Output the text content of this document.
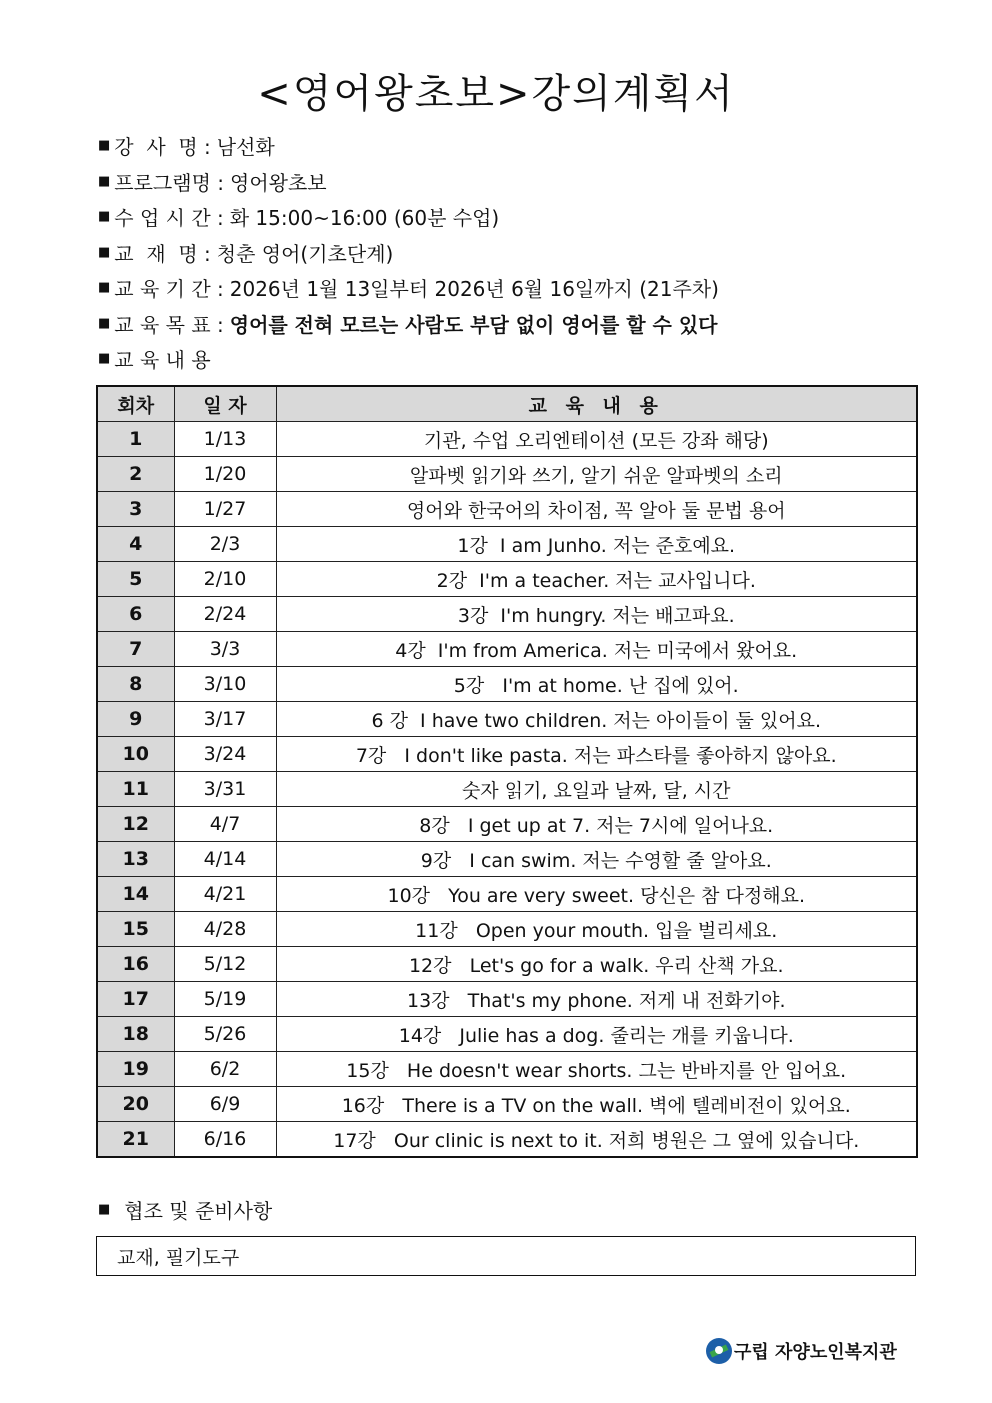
<영어왕초보>강의계획서
■ 강  사  명 : 남선화
■ 프로그램명 : 영어왕초보
■ 수 업 시 간 : 화 15:00~16:00 (60분 수업)
■ 교  재  명 : 청춘 영어(기초단계)
■ 교 육 기 간 : 2026년 1월 13일부터 2026년 6월 16일까지 (21주차)
■ 교 육 목 표 : 영어를 전혀 모르는 사람도 부담 없이 영어를 할 수 있다
■ 교 육 내 용
회차	일 자	교 육 내 용
1	1/13	기관, 수업 오리엔테이션 (모든 강좌 해당)
2	1/20	알파벳 읽기와 쓰기, 알기 쉬운 알파벳의 소리
3	1/27	영어와 한국어의 차이점, 꼭 알아 둘 문법 용어
4	2/3	1강  I am Junho. 저는 준호예요.
5	2/10	2강  I'm a teacher. 저는 교사입니다.
6	2/24	3강  I'm hungry. 저는 배고파요.
7	3/3	4강  I'm from America. 저는 미국에서 왔어요.
8	3/10	5강   I'm at home. 난 집에 있어.
9	3/17	6 강  I have two children. 저는 아이들이 둘 있어요.
10	3/24	7강   I don't like pasta. 저는 파스타를 좋아하지 않아요.
11	3/31	숫자 읽기, 요일과 날짜, 달, 시간
12	4/7	8강   I get up at 7. 저는 7시에 일어나요.
13	4/14	9강   I can swim. 저는 수영할 줄 알아요.
14	4/21	10강   You are very sweet. 당신은 참 다정해요.
15	4/28	11강   Open your mouth. 입을 벌리세요.
16	5/12	12강   Let's go for a walk. 우리 산책 가요.
17	5/19	13강   That's my phone. 저게 내 전화기야.
18	5/26	14강   Julie has a dog. 줄리는 개를 키웁니다.
19	6/2	15강   He doesn't wear shorts. 그는 반바지를 안 입어요.
20	6/9	16강   There is a TV on the wall. 벽에 텔레비전이 있어요.
21	6/16	17강   Our clinic is next to it. 저희 병원은 그 옆에 있습니다.
■ 협조 및 준비사항
교재, 필기도구
구립 자양노인복지관
